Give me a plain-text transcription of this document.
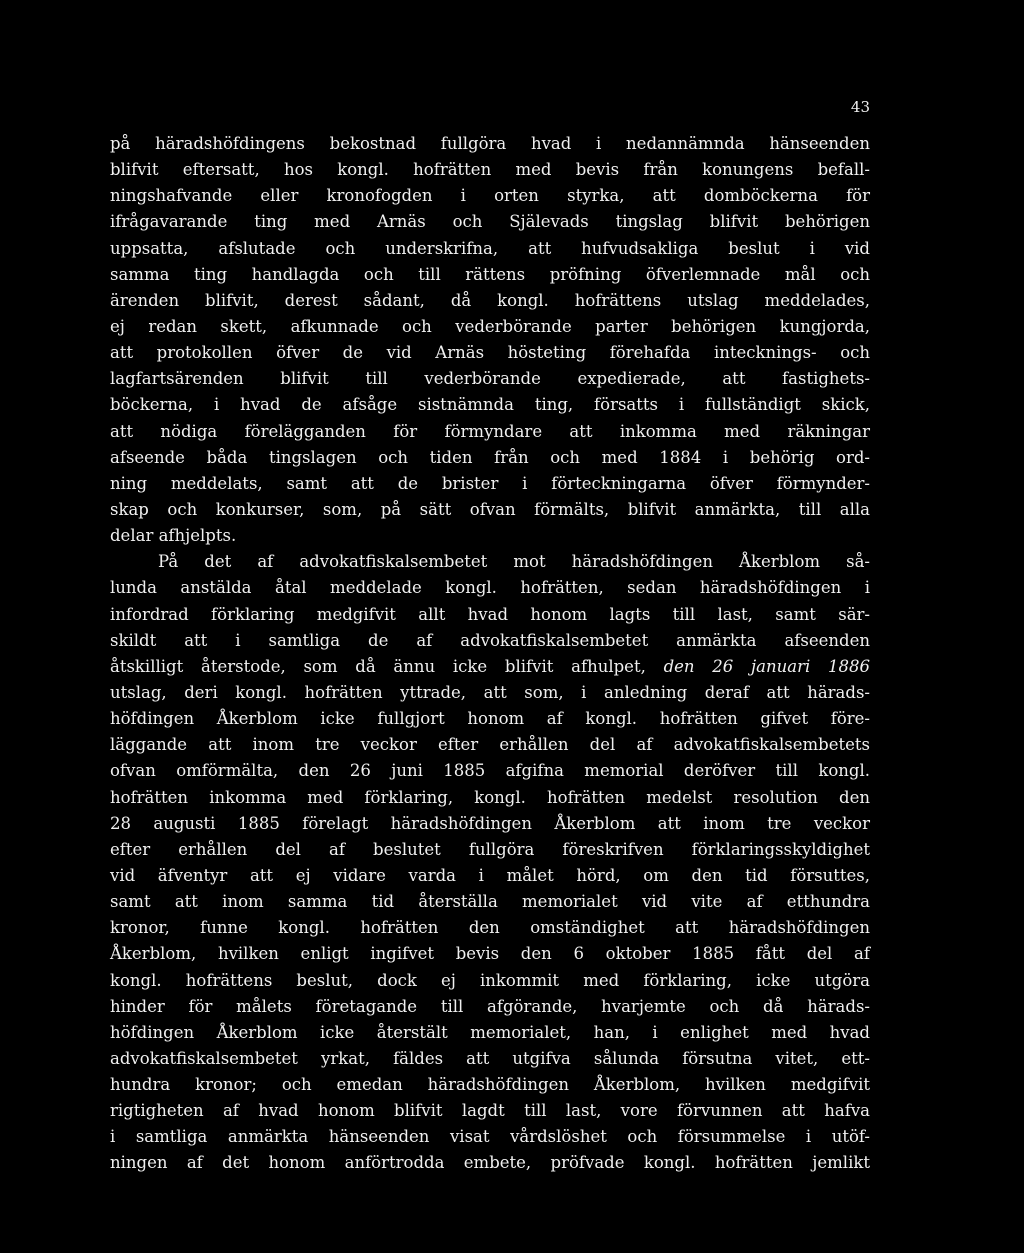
43
på häradshöfdingens bekostnad fullgöra hvad i nedannämnda hänseenden
blifvit eftersatt, hos kongl. hofrätten med bevis från konungens befall-
ningshafvande eller kronofogden i orten styrka, att domböckerna för
ifrågavarande ting med Arnäs och Själevads tingslag blifvit behörigen
uppsatta, afslutade och underskrifna, att hufvudsakliga beslut i vid
samma ting handlagda och till rättens pröfning öfverlemnade mål och
ärenden blifvit, derest sådant, då kongl. hofrättens utslag meddelades,
ej redan skett, afkunnade och vederbörande parter behörigen kungjorda,
att protokollen öfver de vid Arnäs hösteting förehafda intecknings- och
lagfartsärenden blifvit till vederbörande expedierade, att fastighets-
böckerna, i hvad de afsåge sistnämnda ting, försatts i fullständigt skick,
att nödiga förelägganden för förmyndare att inkomma med räkningar
afseende båda tingslagen och tiden från och med 1884 i behörig ord-
ning meddelats, samt att de brister i förteckningarna öfver förmynder-
skap och konkurser, som, på sätt ofvan förmälts, blifvit anmärkta, till alla
delar afhjelpts.
På det af advokatfiskalsembetet mot häradshöfdingen Åkerblom så-
lunda anstälda åtal meddelade kongl. hofrätten, sedan häradshöfdingen i
infordrad förklaring medgifvit allt hvad honom lagts till last, samt sär-
skildt att i samtliga de af advokatfiskalsembetet anmärkta afseenden
åtskilligt återstode, som då ännu icke blifvit afhulpet, den 26 januari 1886
utslag, deri kongl. hofrätten yttrade, att som, i anledning deraf att härads-
höfdingen Åkerblom icke fullgjort honom af kongl. hofrätten gifvet före-
läggande att inom tre veckor efter erhållen del af advokatfiskalsembetets
ofvan omförmälta, den 26 juni 1885 afgifna memorial deröfver till kongl.
hofrätten inkomma med förklaring, kongl. hofrätten medelst resolution den
28 augusti 1885 förelagt häradshöfdingen Åkerblom att inom tre veckor
efter erhållen del af beslutet fullgöra föreskrifven förklaringsskyldighet
vid äfventyr att ej vidare varda i målet hörd, om den tid försuttes,
samt att inom samma tid återställa memorialet vid vite af etthundra
kronor, funne kongl. hofrätten den omständighet att häradshöfdingen
Åkerblom, hvilken enligt ingifvet bevis den 6 oktober 1885 fått del af
kongl. hofrättens beslut, dock ej inkommit med förklaring, icke utgöra
hinder för målets företagande till afgörande, hvarjemte och då härads-
höfdingen Åkerblom icke återstält memorialet, han, i enlighet med hvad
advokatfiskalsembetet yrkat, fäldes att utgifva sålunda försutna vitet, ett-
hundra kronor; och emedan häradshöfdingen Åkerblom, hvilken medgifvit
rigtigheten af hvad honom blifvit lagdt till last, vore förvunnen att hafva
i samtliga anmärkta hänseenden visat vårdslöshet och försummelse i utöf-
ningen af det honom anförtrodda embete, pröfvade kongl. hofrätten jemlikt
